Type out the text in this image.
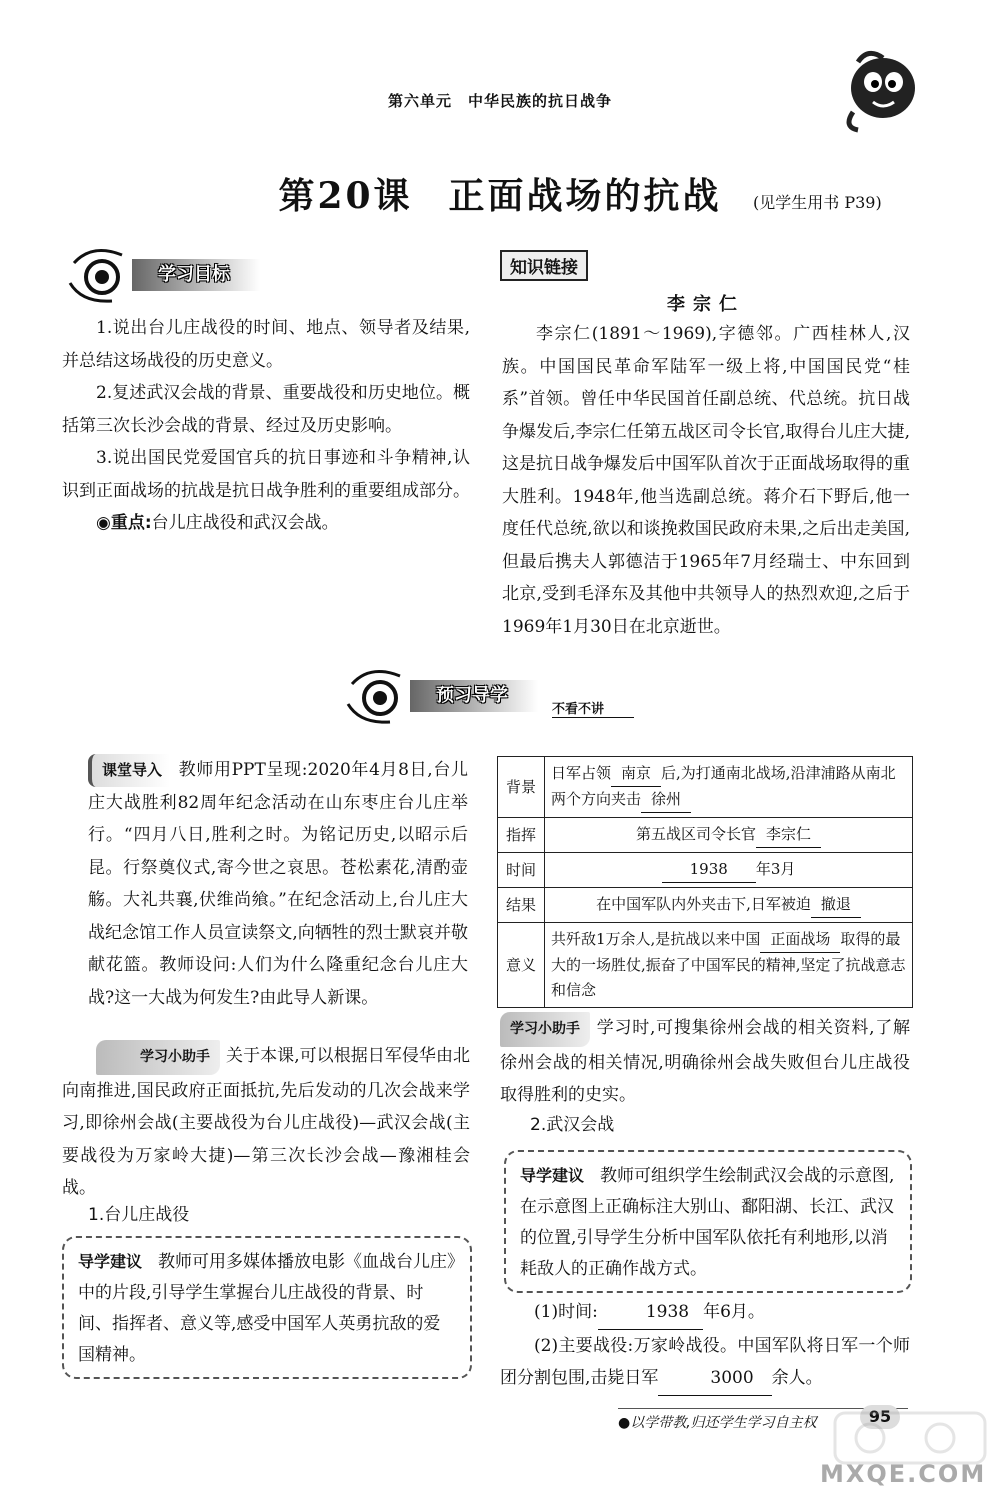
第六单元　中华民族的抗日战争
第20课 正面战场的抗战	(见学生用书 P39)
学习目标

1.说出台儿庄战役的时间、地点、领导者及结果,并总结这场战役的历史意义。

2.复述武汉会战的背景、重要战役和历史地位。概括第三次长沙会战的背景、经过及历史影响。

3.说出国民党爱国官兵的抗日事迹和斗争精神,认识到正面战场的抗战是抗日战争胜利的重要组成部分。

◉重点:台儿庄战役和武汉会战。

知识链接
李宗仁

李宗仁(1891～1969),字德邻。广西桂林人,汉族。中国国民革命军陆军一级上将,中国国民党“桂系”首领。曾任中华民国首任副总统、代总统。抗日战争爆发后,李宗仁任第五战区司令长官,取得台儿庄大捷,这是抗日战争爆发后中国军队首次于正面战场取得的重大胜利。1948年,他当选副总统。蒋介石下野后,他一度任代总统,欲以和谈挽救国民政府未果,之后出走美国,但最后携夫人郭德洁于1965年7月经瑞士、中东回到北京,受到毛泽东及其他中共领导人的热烈欢迎,之后于1969年1月30日在北京逝世。

预习导学
不看不讲

课堂导入 教师用PPT呈现:2020年4月8日,台儿庄大战胜利82周年纪念活动在山东枣庄台儿庄举行。“四月八日,胜利之时。为铭记历史,以昭示后昆。行祭奠仪式,寄今世之哀思。苍松素花,清酌壶觞。大礼共襄,伏维尚飨。”在纪念活动上,台儿庄大战纪念馆工作人员宣读祭文,向牺牲的烈士默哀并敬献花篮。教师设问:人们为什么隆重纪念台儿庄大战?这一大战为何发生?由此导人新课。

学习小助手 关于本课,可以根据日军侵华由北向南推进,国民政府正面抵抗,先后发动的几次会战来学习,即徐州会战(主要战役为台儿庄战役)—武汉会战(主要战役为万家岭大捷)—第三次长沙会战—豫湘桂会战。

1.台儿庄战役
导学建议 教师可用多媒体播放电影《血战台儿庄》中的片段,引导学生掌握台儿庄战役的背景、时间、指挥者、意义等,感受中国军人英勇抗敌的爱国精神。
背景	日军占领 南京 后,为打通南北战场,沿津浦路从南北两个方向夹击 徐州
指挥	第五战区司令长官 李宗仁
时间	1938 年3月
结果	在中国军队内外夹击下,日军被迫 撤退
意义	共歼敌1万余人,是抗战以来中国 正面战场 取得的最大的一场胜仗,振奋了中国军民的精神,坚定了抗战意志和信念

学习小助手 学习时,可搜集徐州会战的相关资料,了解徐州会战的相关情况,明确徐州会战失败但台儿庄战役取得胜利的史实。

2.武汉会战
导学建议 教师可组织学生绘制武汉会战的示意图,在示意图上正确标注大别山、鄱阳湖、长江、武汉的位置,引导学生分析中国军队依托有利地形,以消耗敌人的正确作战方式。

(1)时间:	1938 年6月。

(2)主要战役:万家岭战役。中国军队将日军一个师团分割包围,击毙日军	3000 余人。

●以学带教,归还学生学习自主权	95
MXQE.COM
